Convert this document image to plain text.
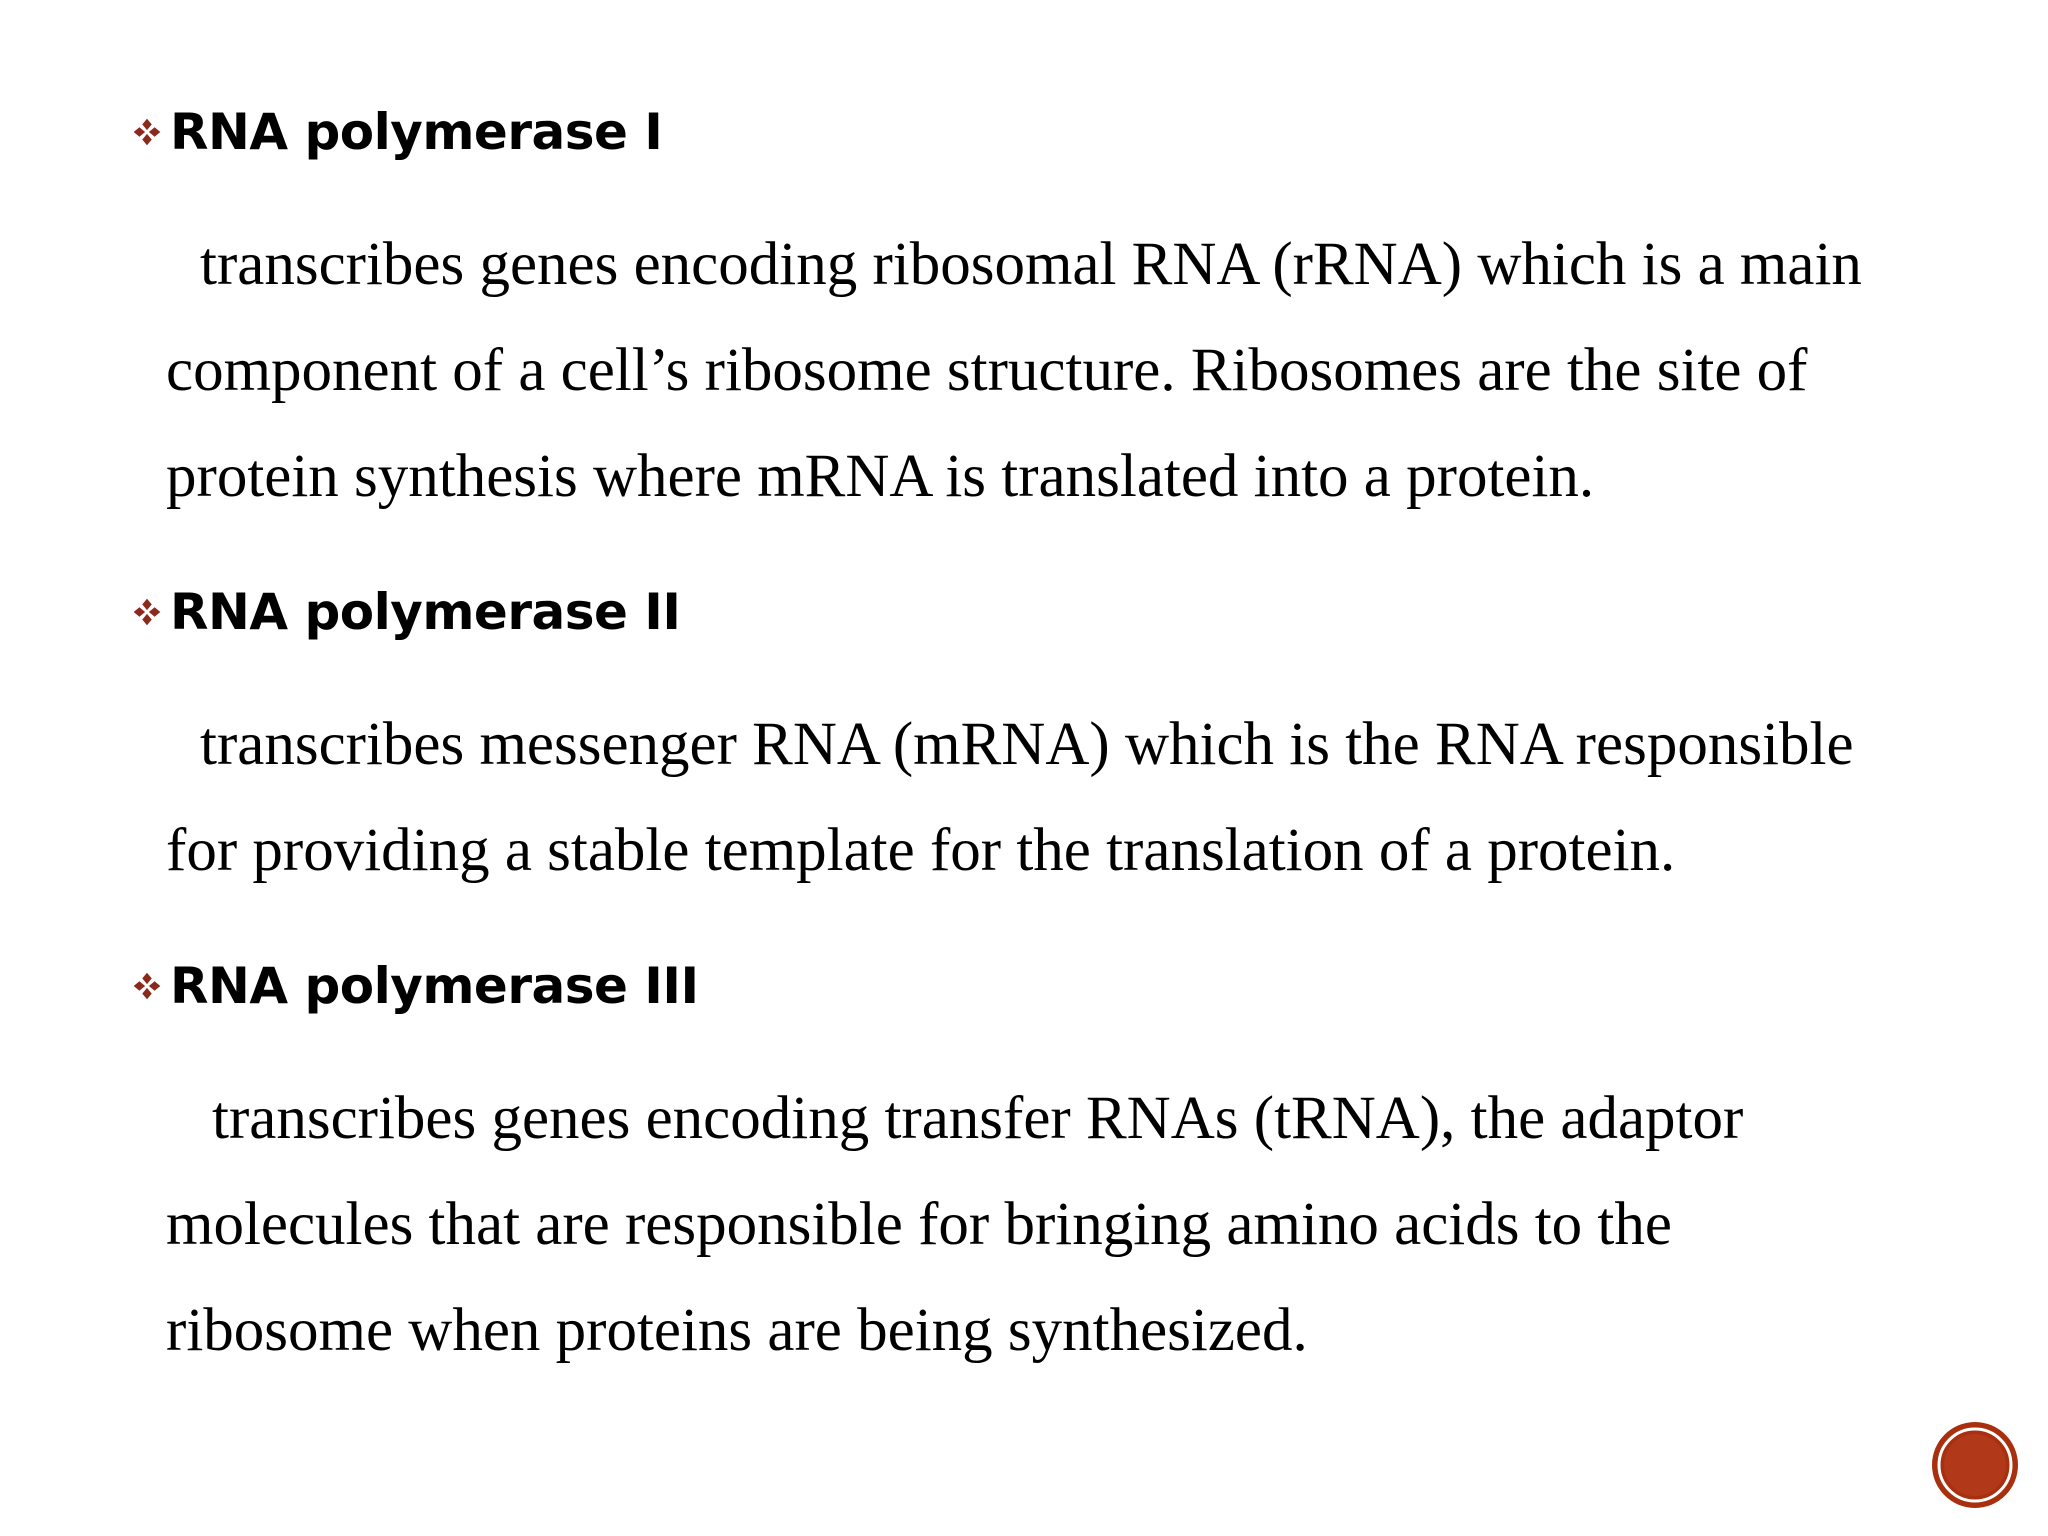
RNA polymerase I
transcribes genes encoding ribosomal RNA (rRNA) which is a main
component of a cell’s ribosome structure. Ribosomes are the site of
protein synthesis where mRNA is translated into a protein.
RNA polymerase II
transcribes messenger RNA (mRNA) which is the RNA responsible
for providing a stable template for the translation of a protein.
RNA polymerase III
transcribes genes encoding transfer RNAs (tRNA), the adaptor
molecules that are responsible for bringing amino acids to the
ribosome when proteins are being synthesized.
